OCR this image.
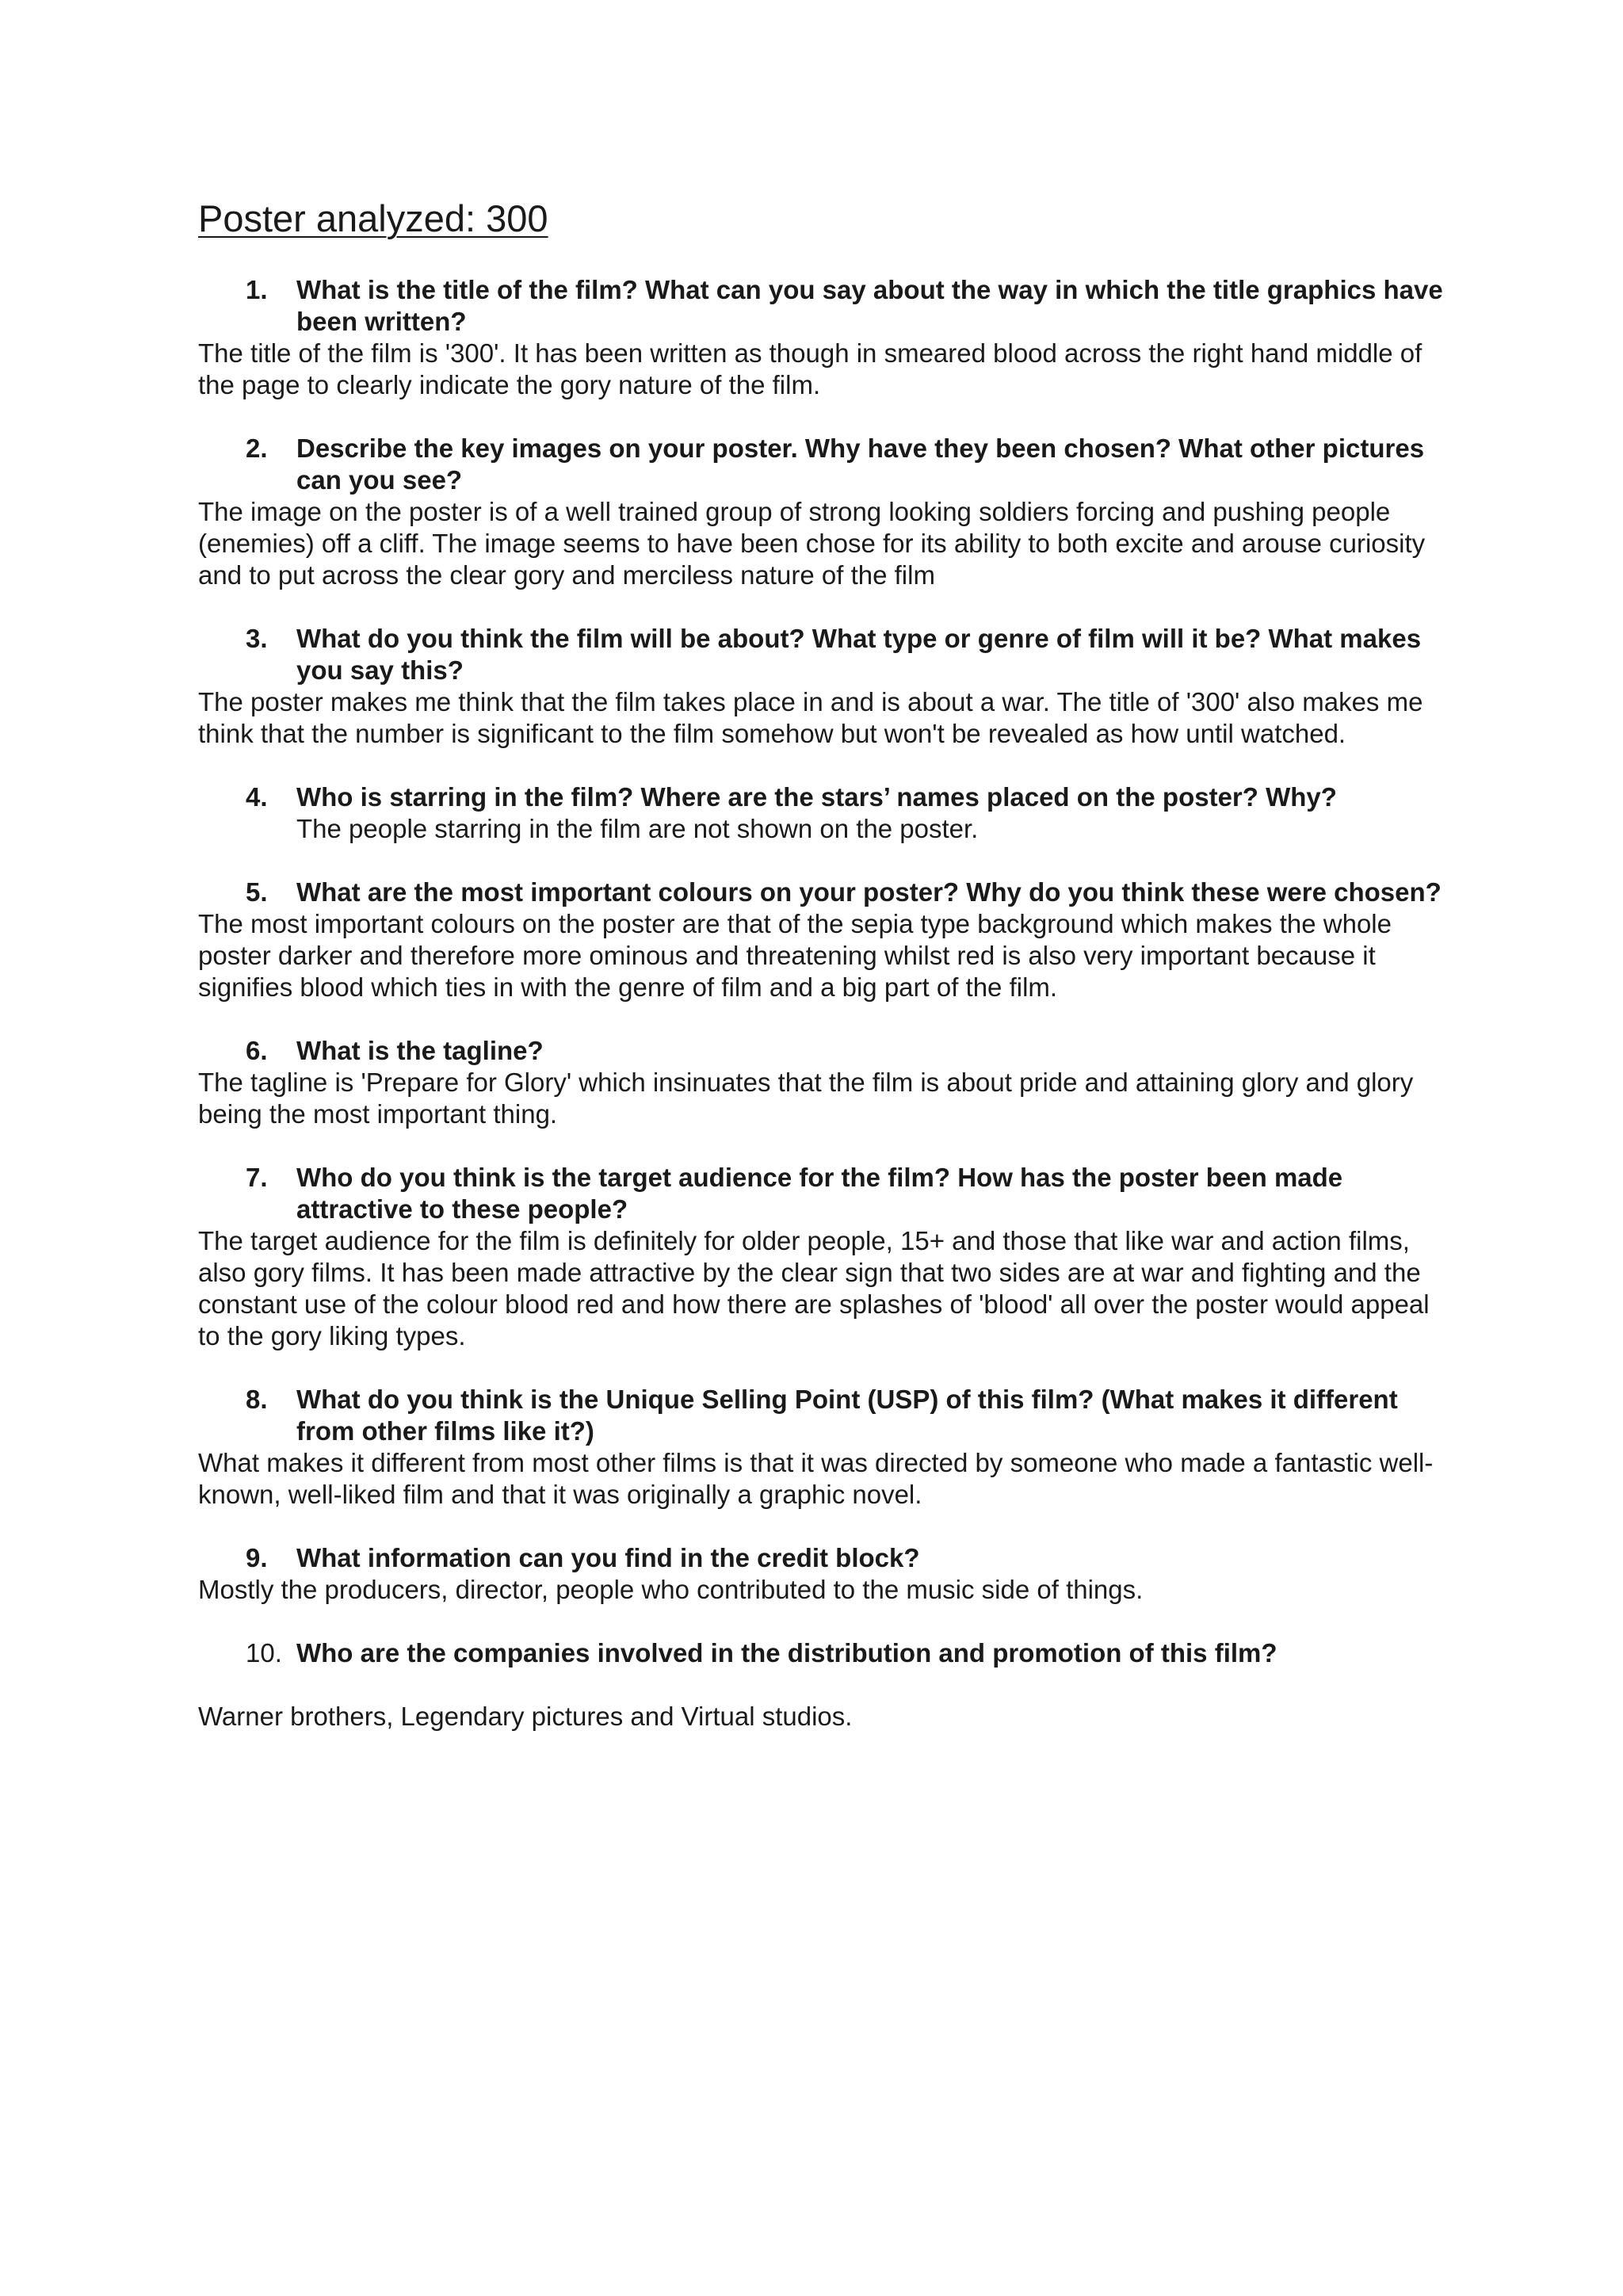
Poster analyzed: 300
1. What is the title of the film? What can you say about the way in which the title graphics have been written?
The title of the film is '300'. It has been written as though in smeared blood across the right hand middle of the page to clearly indicate the gory nature of the film.
2. Describe the key images on your poster. Why have they been chosen? What other pictures can you see?
The image on the poster is of a well trained group of strong looking soldiers forcing and pushing people (enemies) off a cliff. The image seems to have been chose for its ability to both excite and arouse curiosity and to put across the clear gory and merciless nature of the film
3. What do you think the film will be about? What type or genre of film will it be? What makes you say this?
The poster makes me think that the film takes place in and is about a war. The title of '300' also makes me think that the number is significant to the film somehow but won't be revealed as how until watched.
4. Who is starring in the film? Where are the stars’ names placed on the poster? Why?
The people starring in the film are not shown on the poster.
5. What are the most important colours on your poster? Why do you think these were chosen?
The most important colours on the poster are that of the sepia type background which makes the whole poster darker and therefore more ominous and threatening whilst red is also very important because it signifies blood which ties in with the genre of film and a big part of the film.
6. What is the tagline?
The tagline is 'Prepare for Glory' which insinuates that the film is about pride and attaining glory and glory being the most important thing.
7. Who do you think is the target audience for the film? How has the poster been made attractive to these people?
The target audience for the film is definitely for older people, 15+ and those that like war and action films, also gory films. It has been made attractive by the clear sign that two sides are at war and fighting and the constant use of the colour blood red and how there are splashes of 'blood' all over the poster would appeal to the gory liking types.
8. What do you think is the Unique Selling Point (USP) of this film? (What makes it different from other films like it?)
What makes it different from most other films is that it was directed by someone who made a fantastic well-known, well-liked film and that it was originally a graphic novel.
9. What information can you find in the credit block?
Mostly the producers, director, people who contributed to the music side of things.
10. Who are the companies involved in the distribution and promotion of this film?
Warner brothers, Legendary pictures and Virtual studios.
